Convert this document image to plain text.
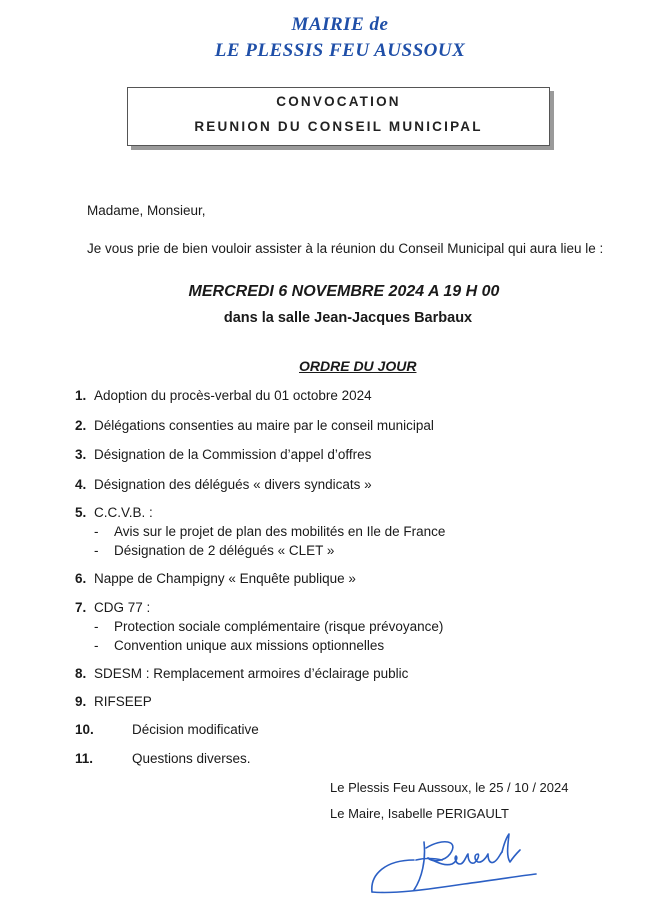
MAIRIE de
LE PLESSIS FEU AUSSOUX
CONVOCATION
REUNION DU CONSEIL MUNICIPAL
Madame, Monsieur,
Je vous prie de bien vouloir assister à la réunion du Conseil Municipal qui aura lieu le :
MERCREDI 6 NOVEMBRE 2024 A 19 H 00
dans la salle Jean-Jacques Barbaux
ORDRE DU JOUR
1. Adoption du procès-verbal du 01 octobre 2024
2. Délégations consenties au maire par le conseil municipal
3. Désignation de la Commission d’appel d’offres
4. Désignation des délégués « divers syndicats »
5. C.C.V.B. :
- Avis sur le projet de plan des mobilités en Ile de France
- Désignation de 2 délégués « CLET »
6. Nappe de Champigny « Enquête publique »
7. CDG 77 :
- Protection sociale complémentaire (risque prévoyance)
- Convention unique aux missions optionnelles
8. SDESM : Remplacement armoires d’éclairage public
9. RIFSEEP
10.	Décision modificative
11.	Questions diverses.
Le Plessis Feu Aussoux, le 25 / 10 / 2024
Le Maire, Isabelle PERIGAULT
